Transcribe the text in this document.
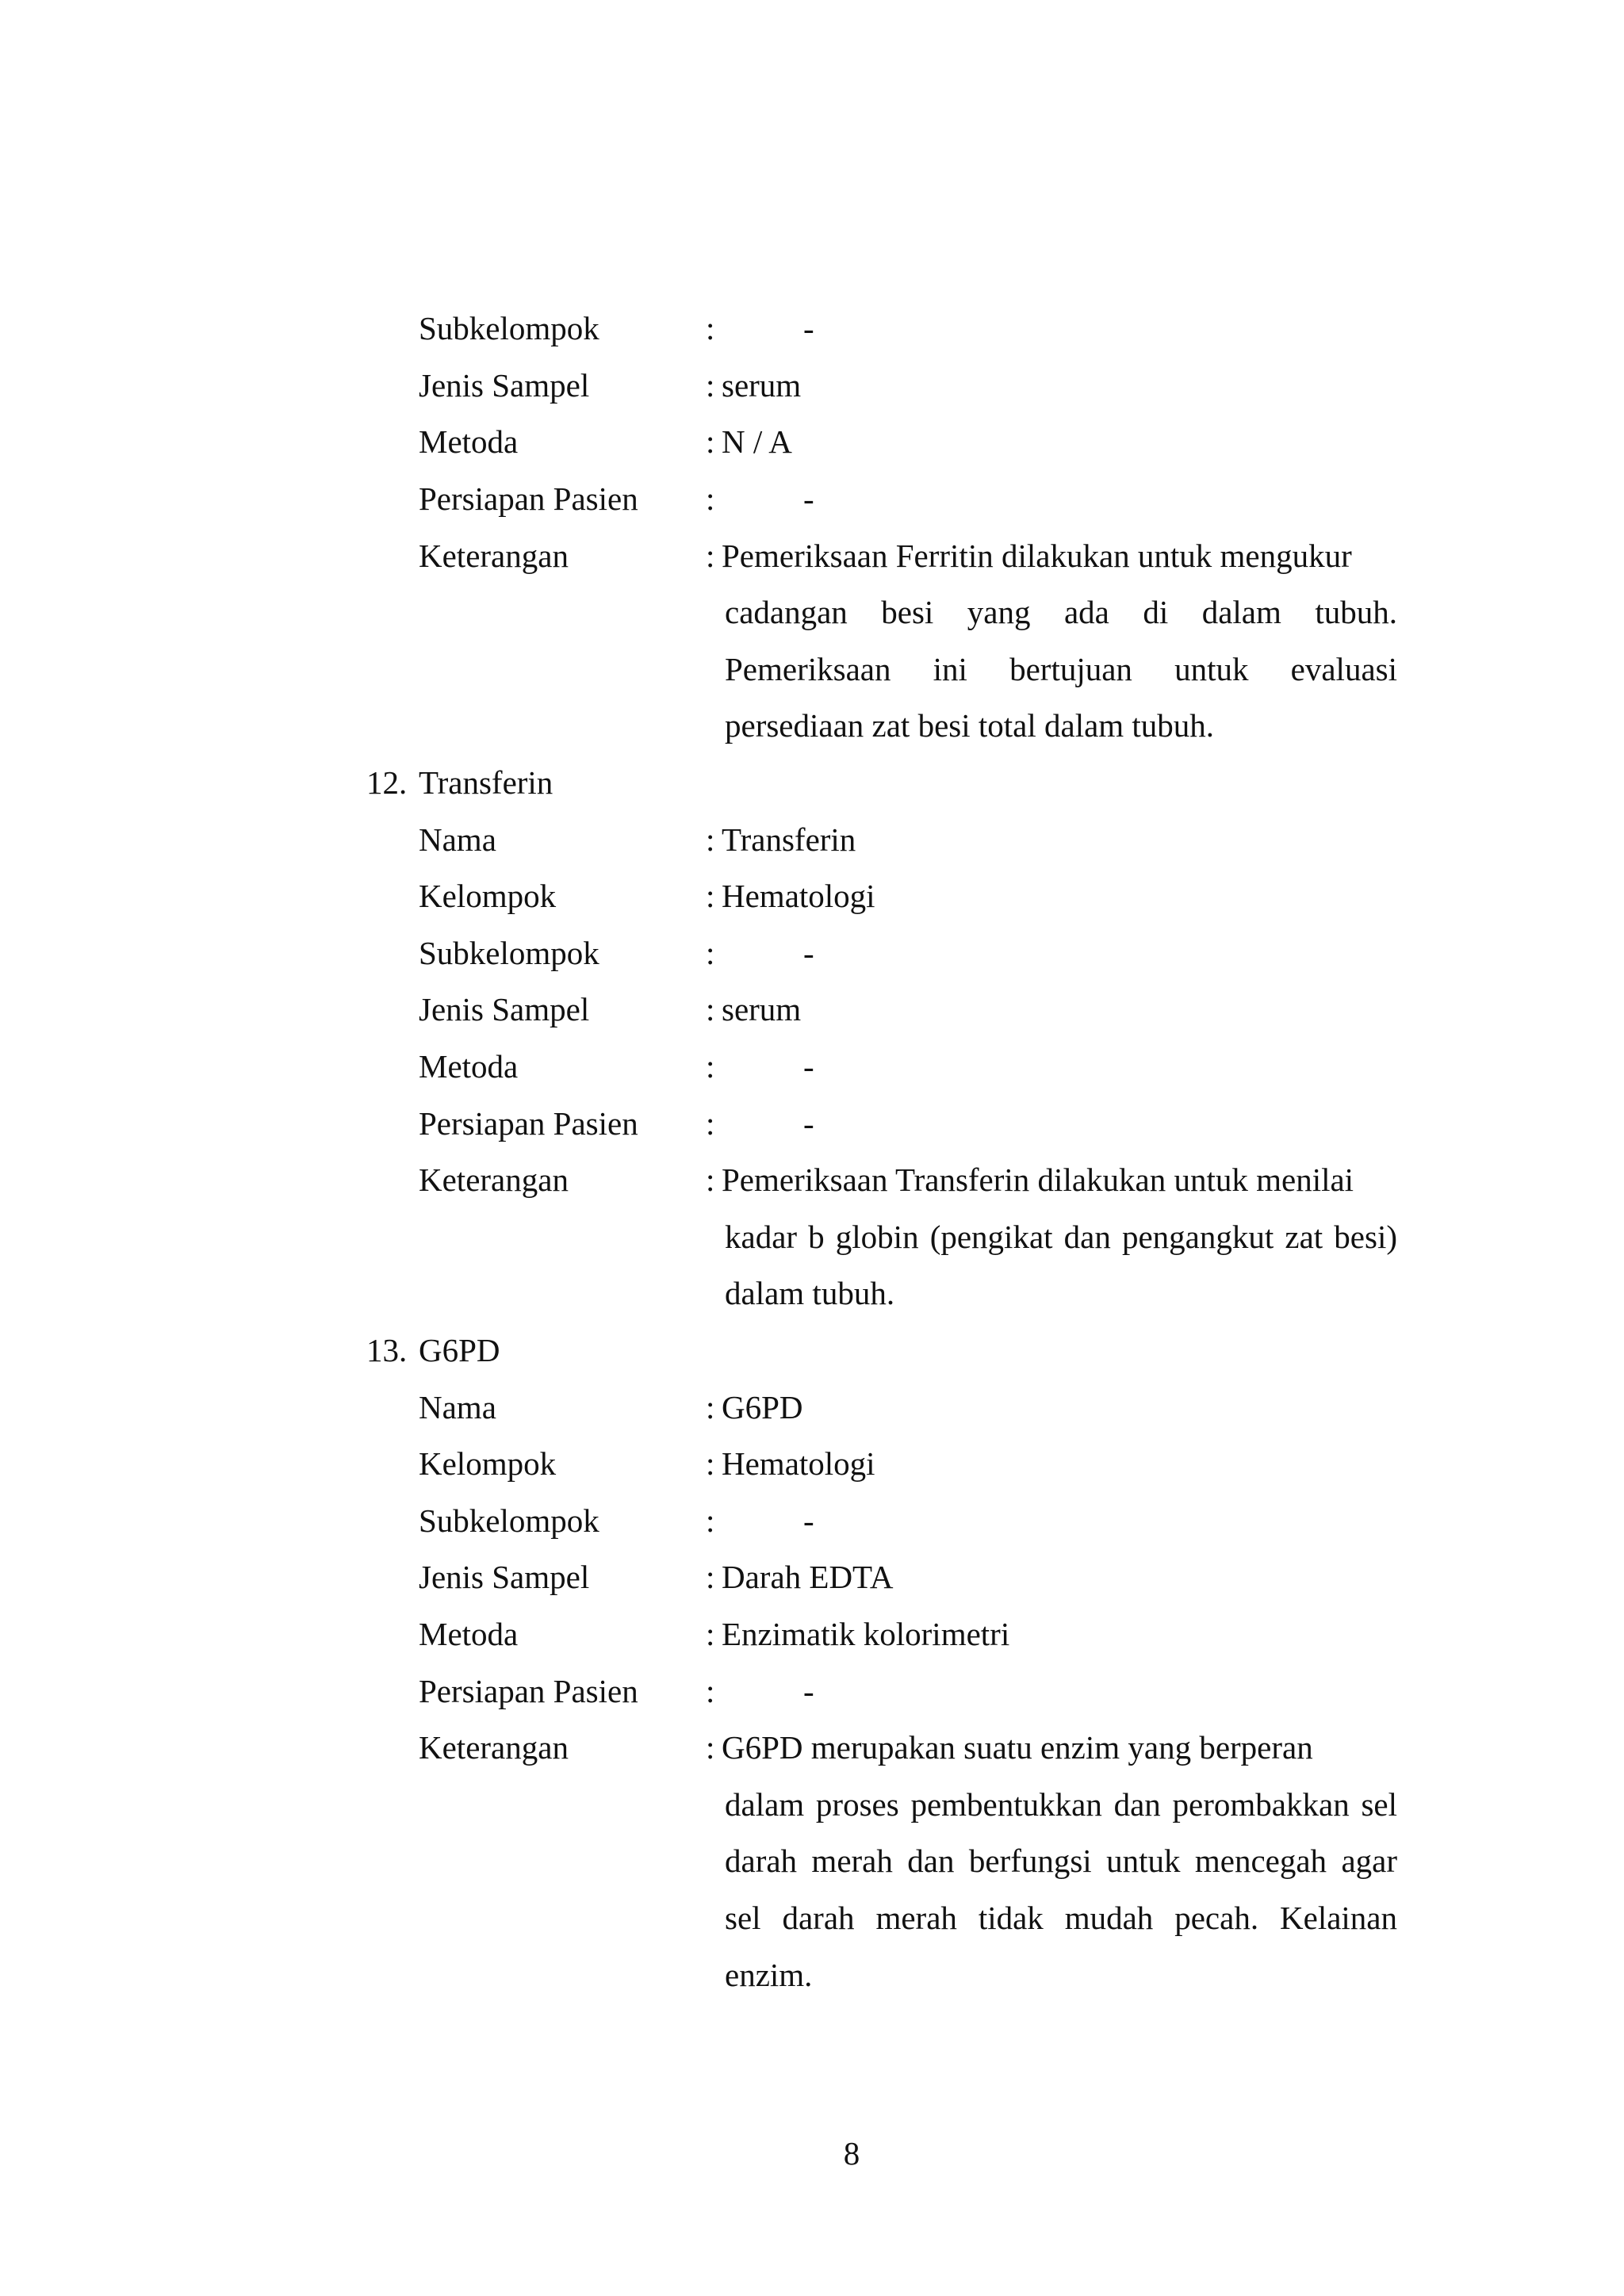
Subkelompok	:	-
Jenis Sampel	: serum
Metoda	: N / A
Persiapan Pasien :	-
Keterangan	: Pemeriksaan Ferritin dilakukan untuk mengukur
cadangan besi yang ada di dalam tubuh.
Pemeriksaan ini bertujuan untuk evaluasi
persediaan zat besi total dalam tubuh.
12. Transferin
Nama	: Transferin
Kelompok	: Hematologi
Subkelompok	:	-
Jenis Sampel	: serum
Metoda	:	-
Persiapan Pasien :	-
Keterangan	: Pemeriksaan Transferin dilakukan untuk menilai
kadar b globin (pengikat dan pengangkut zat besi)
dalam tubuh.
13. G6PD
Nama	: G6PD
Kelompok	: Hematologi
Subkelompok	:	-
Jenis Sampel	: Darah EDTA
Metoda	: Enzimatik kolorimetri
Persiapan Pasien :	-
Keterangan	: G6PD merupakan suatu enzim yang berperan
dalam proses pembentukkan dan perombakkan sel
darah merah dan berfungsi untuk mencegah agar
sel darah merah tidak mudah pecah. Kelainan
enzim.
8
